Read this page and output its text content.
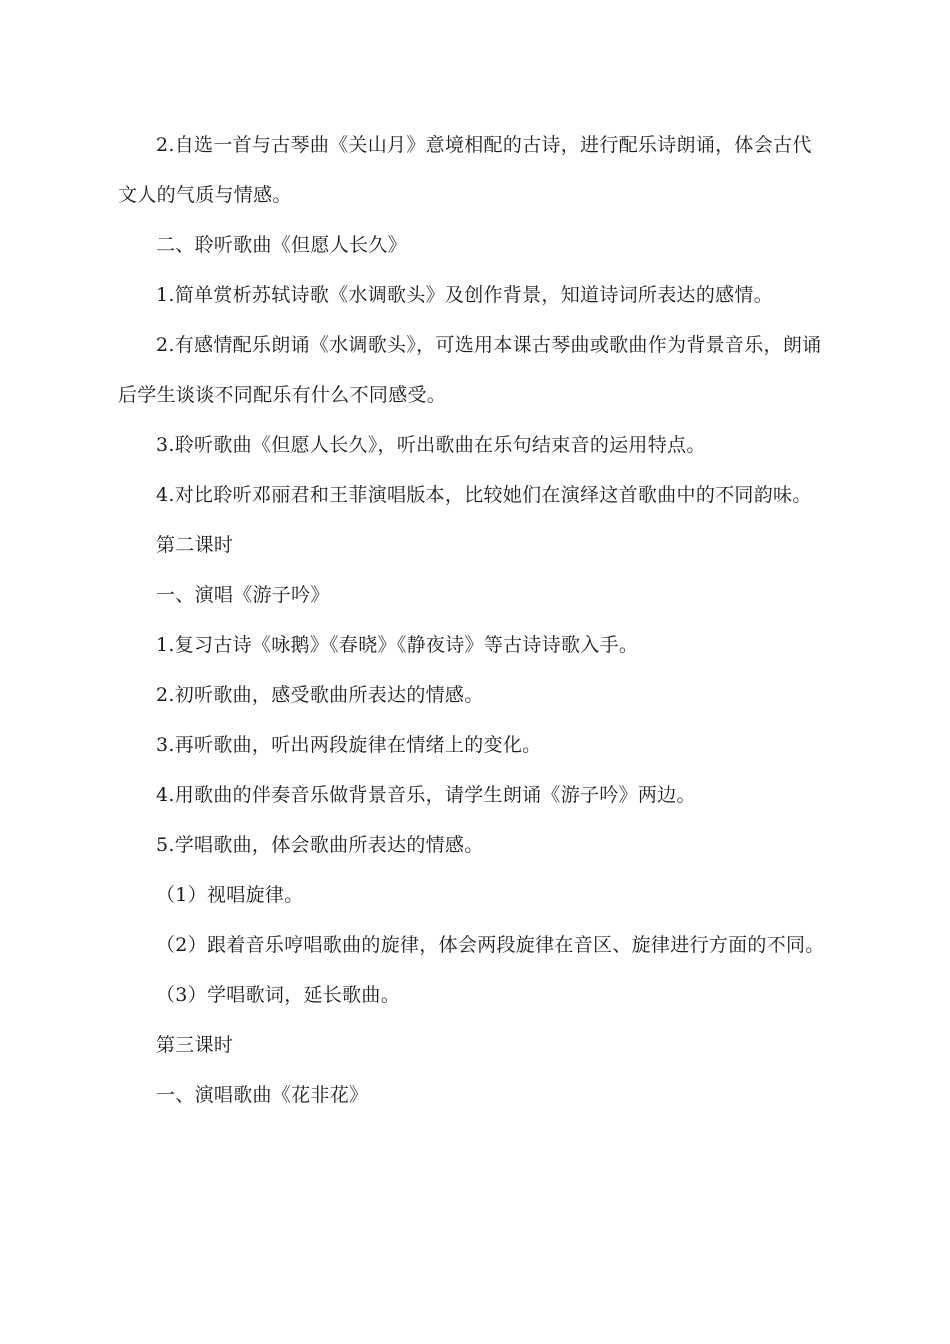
2.自选一首与古琴曲《关山月》意境相配的古诗，进行配乐诗朗诵，体会古代文人的气质与情感。

二、聆听歌曲《但愿人长久》

1.简单赏析苏轼诗歌《水调歌头》及创作背景，知道诗词所表达的感情。

2.有感情配乐朗诵《水调歌头》，可选用本课古琴曲或歌曲作为背景音乐，朗诵后学生谈谈不同配乐有什么不同感受。

3.聆听歌曲《但愿人长久》，听出歌曲在乐句结束音的运用特点。

4.对比聆听邓丽君和王菲演唱版本，比较她们在演绎这首歌曲中的不同韵味。

第二课时

一、演唱《游子吟》

1.复习古诗《咏鹅》《春晓》《静夜诗》等古诗诗歌入手。

2.初听歌曲，感受歌曲所表达的情感。

3.再听歌曲，听出两段旋律在情绪上的变化。

4.用歌曲的伴奏音乐做背景音乐，请学生朗诵《游子吟》两边。

5.学唱歌曲，体会歌曲所表达的情感。

（1）视唱旋律。

（2）跟着音乐哼唱歌曲的旋律，体会两段旋律在音区、旋律进行方面的不同。

（3）学唱歌词，延长歌曲。

第三课时

一、演唱歌曲《花非花》
